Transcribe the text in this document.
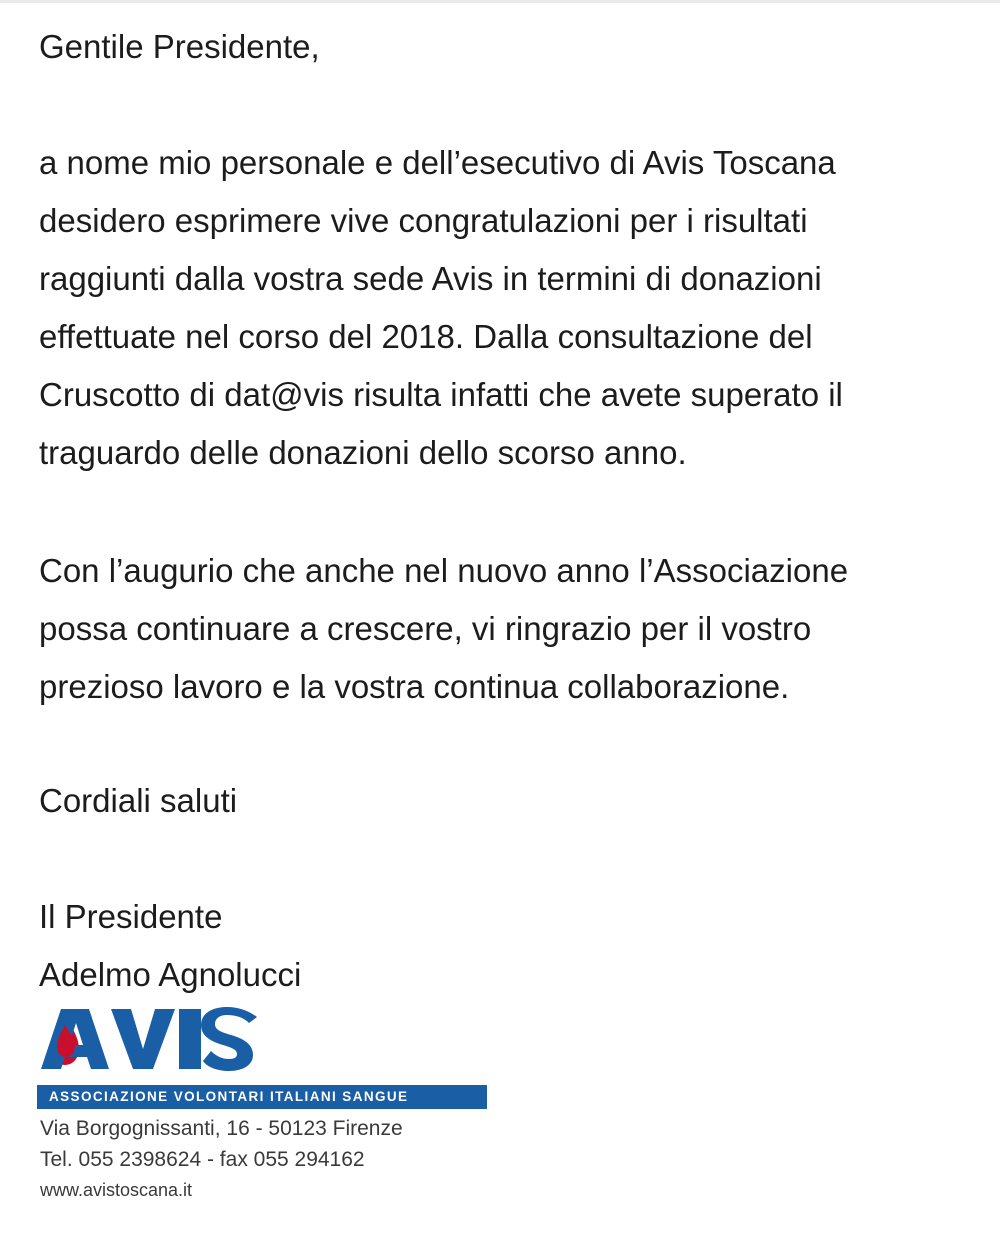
Gentile Presidente,

a nome mio personale e dell’esecutivo di Avis Toscana

desidero esprimere vive congratulazioni per i risultati

raggiunti dalla vostra sede Avis in termini di donazioni

effettuate nel corso del 2018. Dalla consultazione del

Cruscotto di dat@vis risulta infatti che avete superato il

traguardo delle donazioni dello scorso anno.

Con l’augurio che anche nel nuovo anno l’Associazione

possa continuare a crescere, vi ringrazio per il vostro

prezioso lavoro e la vostra continua collaborazione.

Cordiali saluti

Il Presidente

Adelmo Agnolucci

ASSOCIAZIONE VOLONTARI ITALIANI SANGUE
Via Borgognissanti, 16 - 50123 Firenze
Tel. 055 2398624 - fax 055 294162
www.avistoscana.it
